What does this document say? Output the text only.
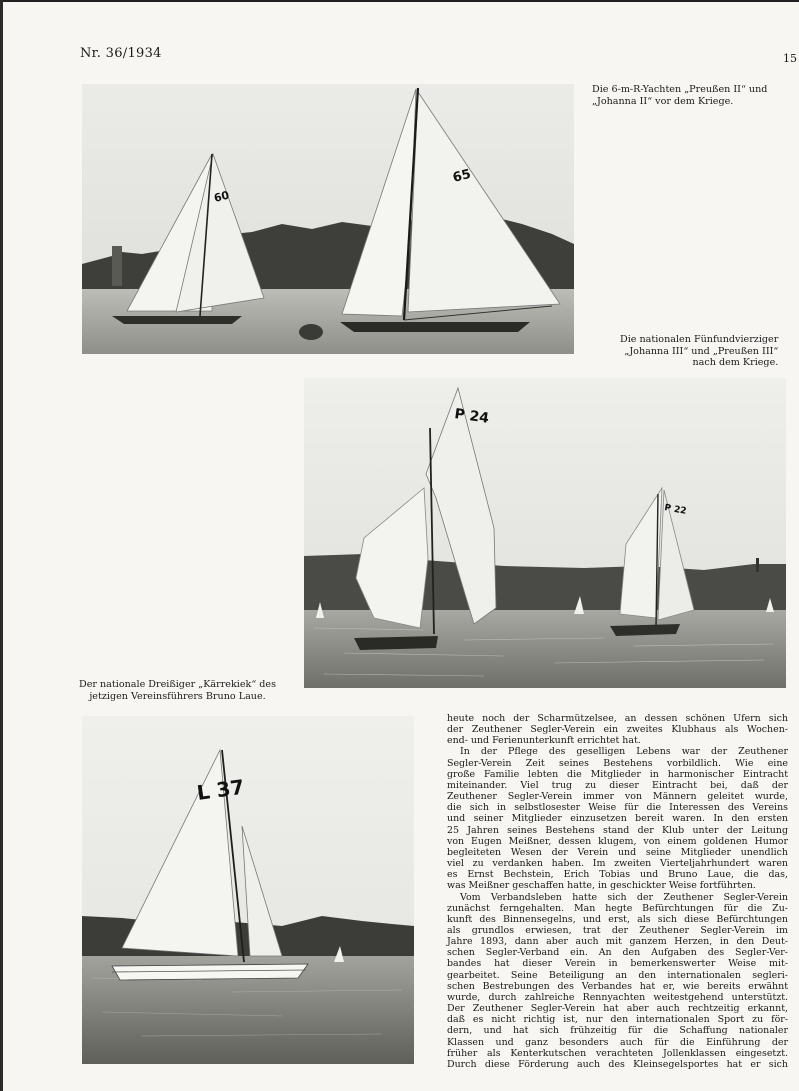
Nr. 36/1934	15
60
65
Die 6-m-R-Yachten „Preußen II“ und
„Johanna II“ vor dem Kriege.
Die nationalen Fünfundvierziger
„Johanna III“ und „Preußen III“
nach dem Kriege.
P 24
P 22
Der nationale Dreißiger „Kärrekiek“ des
jetzigen Vereinsführers Bruno Laue.
L 37
heute noch der Scharmützelsee, an dessen schönen Ufern sich
der Zeuthener Segler-Verein ein zweites Klubhaus als Wochen-
end- und Ferienunterkunft errichtet hat.
In der Pflege des geselligen Lebens war der Zeuthener
Segler-Verein Zeit seines Bestehens vorbildlich. Wie eine
große Familie lebten die Mitglieder in harmonischer Eintracht
miteinander. Viel trug zu dieser Eintracht bei, daß der
Zeuthener Segler-Verein immer von Männern geleitet wurde,
die sich in selbstlosester Weise für die Interessen des Vereins
und seiner Mitglieder einzusetzen bereit waren. In den ersten
25 Jahren seines Bestehens stand der Klub unter der Leitung
von Eugen Meißner, dessen klugem, von einem goldenen Humor
begleiteten Wesen der Verein und seine Mitglieder unendlich
viel zu verdanken haben. Im zweiten Vierteljahrhundert waren
es Ernst Bechstein, Erich Tobias und Bruno Laue, die das,
was Meißner geschaffen hatte, in geschickter Weise fortführten.
Vom Verbandsleben hatte sich der Zeuthener Segler-Verein
zunächst ferngehalten. Man hegte Befürchtungen für die Zu-
kunft des Binnensegelns, und erst, als sich diese Befürchtungen
als grundlos erwiesen, trat der Zeuthener Segler-Verein im
Jahre 1893, dann aber auch mit ganzem Herzen, in den Deut-
schen Segler-Verband ein. An den Aufgaben des Segler-Ver-
bandes hat dieser Verein in bemerkenswerter Weise mit-
gearbeitet. Seine Beteiligung an den internationalen segleri-
schen Bestrebungen des Verbandes hat er, wie bereits erwähnt
wurde, durch zahlreiche Rennyachten weitestgehend unterstützt.
Der Zeuthener Segler-Verein hat aber auch rechtzeitig erkannt,
daß es nicht richtig ist, nur den internationalen Sport zu för-
dern, und hat sich frühzeitig für die Schaffung nationaler
Klassen und ganz besonders auch für die Einführung der
früher als Kenterkutschen verachteten Jollenklassen eingesetzt.
Durch diese Förderung auch des Kleinsegelsportes hat er sich
